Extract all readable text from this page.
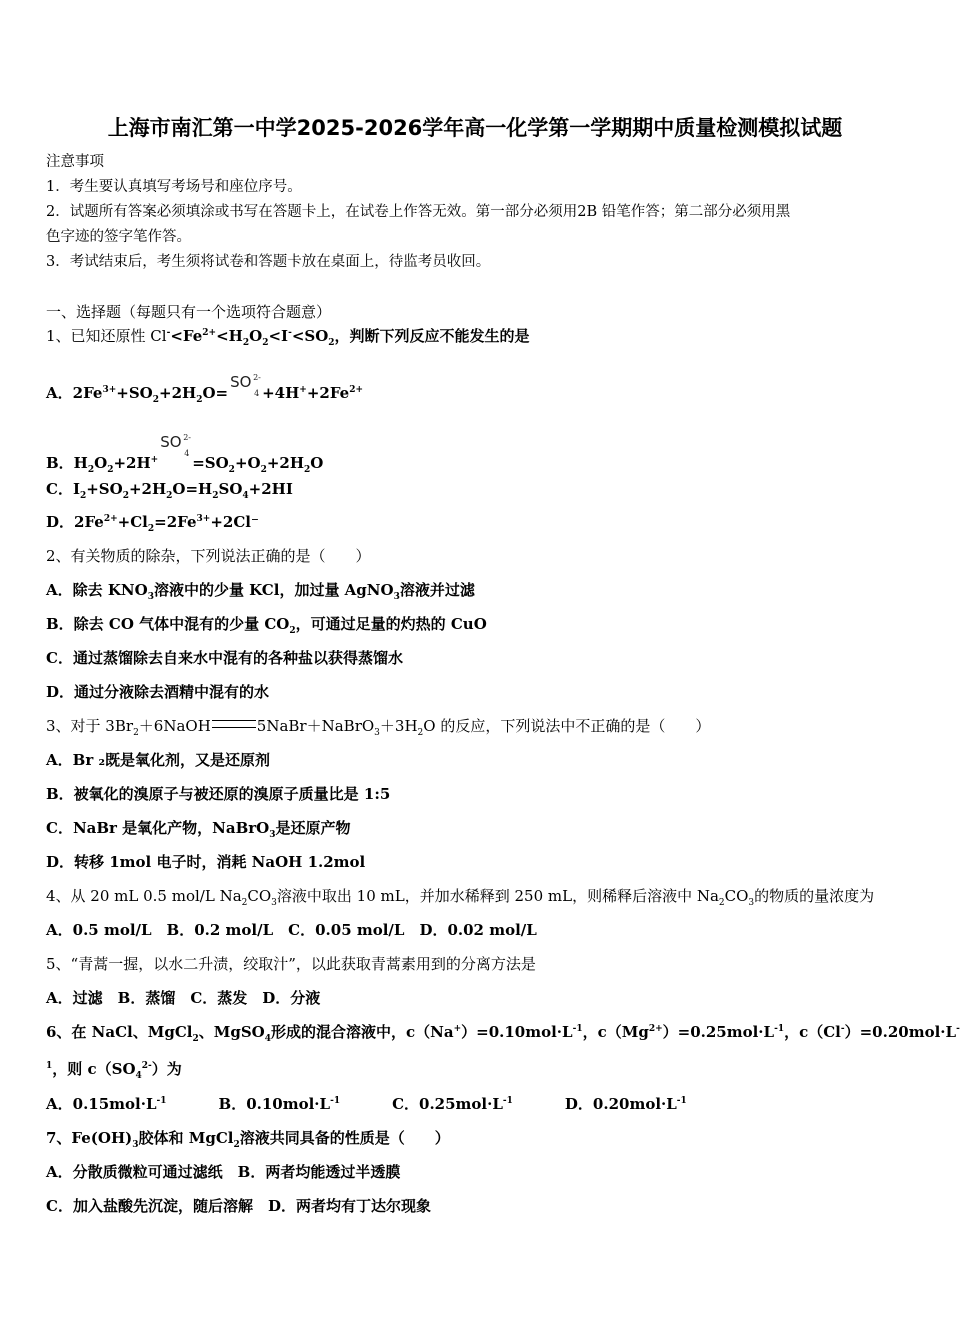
上海市南汇第一中学2025-2026学年高一化学第一学期期中质量检测模拟试题
注意事项
1．考生要认真填写考场号和座位序号。
2．试题所有答案必须填涂或书写在答题卡上，在试卷上作答无效。第一部分必须用2B 铅笔作答；第二部分必须用黑
色字迹的签字笔作答。
3．考试结束后，考生须将试卷和答题卡放在桌面上，待监考员收回。
一、选择题（每题只有一个选项符合题意）
1、已知还原性 $Cl^-<Fe^{2+}<H_2O_2<I^-<SO_2$，判断下列反应不能发生的是
A．$2Fe^{3+}+SO_2+2H_2O=$
SO 2-
$4 +4H^++2Fe^{2+}$
B．$H_2O_2+2H^+$
SO 2-
4
$=SO_2+O_2+2H_2O$
C．$I_2+SO_2+2H_2O=H_2SO_4+2HI$
D．$2Fe^{2+}+Cl_2=2Fe^{3+}+2Cl^-$
2、有关物质的除杂，下列说法正确的是（　　）
A．除去 $KNO_3$溶液中的少量 KCl，加过量 AgNO$_3$溶液并过滤
B．除去 CO 气体中混有的少量 $CO_2$，可通过足量的灼热的 CuO
C．通过蒸馏除去自来水中混有的各种盐以获得蒸馏水
D．通过分液除去酒精中混有的水
3、对于 $3Br_2+6NaOH$	$5NaBr+NaBrO_3+3H_2O$ 的反应，下列说法中不正确的是（　　）
A．Br ₂既是氧化剂，又是还原剂
B．被氧化的溴原子与被还原的溴原子质量比是 1:5
C．NaBr 是氧化产物，NaBrO$_3$是还原产物
D．转移 1mol 电子时，消耗 NaOH 1.2mol
4、从 20 mL 0.5 mol/L $Na_2CO_3$溶液中取出 10 mL，并加水稀释到 250 mL，则稀释后溶液中 $Na_2CO_3$的物质的量浓度为
A．0.5 mol/L　B．0.2 mol/L　C．0.05 mol/L　D．0.02 mol/L
5、“青蒿一握，以水二升渍，绞取汁”，以此获取青蒿素用到的分离方法是
A．过滤　B．蒸馏　C．蒸发　D．分液
6、在 NaCl、MgCl$_2$、MgSO$_4$形成的混合溶液中，$c(Na^+)=0.10mol\cdot L^{-1}$，$c(Mg^{2+})=0.25mol\cdot L^{-1}$，c（Cl-）=0.20mol·L-
$^1$，则 $c(SO_4^{2-})$为
A．$0.15mol\cdot L^{-1}$	B．$0.10mol\cdot L^{-1}$	C．$0.25mol\cdot L^{-1}$	D．$0.20mol\cdot L^{-1}$
7、$Fe(OH)_3$胶体和 MgCl$_2$溶液共同具备的性质是（　　）
A．分散质微粒可通过滤纸　B．两者均能透过半透膜
C．加入盐酸先沉淀，随后溶解　D．两者均有丁达尔现象
